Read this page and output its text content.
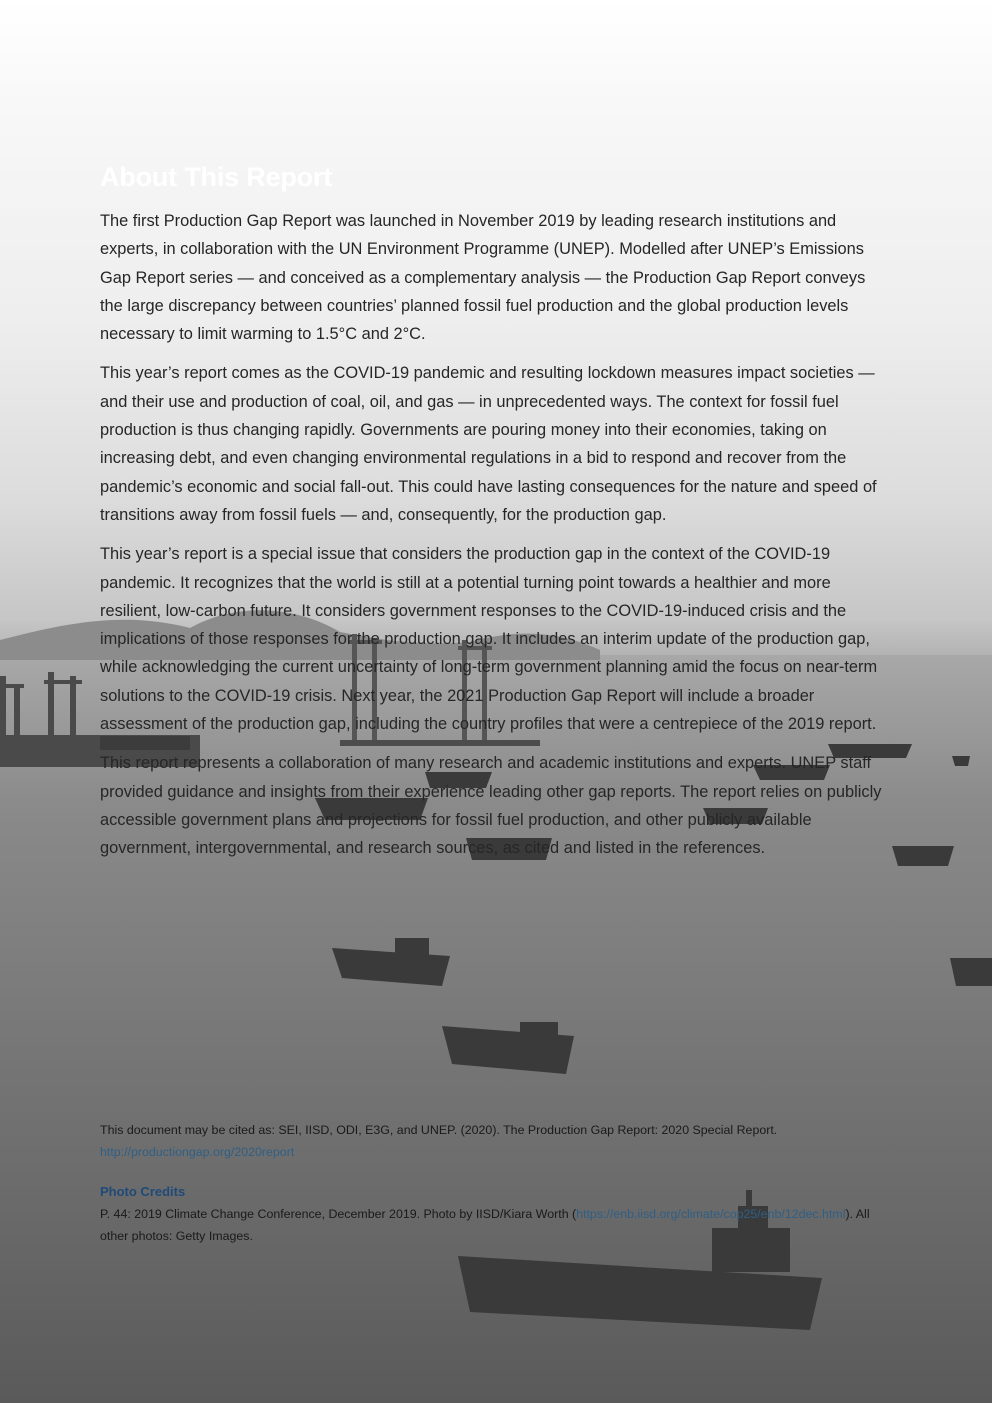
About This Report

The first Production Gap Report was launched in November 2019 by leading research institutions and experts, in collaboration with the UN Environment Programme (UNEP). Modelled after UNEP’s Emissions Gap Report series — and conceived as a complementary analysis — the Production Gap Report conveys the large discrepancy between countries’ planned fossil fuel production and the global production levels necessary to limit warming to 1.5°C and 2°C.

This year’s report comes as the COVID-19 pandemic and resulting lockdown measures impact societies — and their use and production of coal, oil, and gas — in unprecedented ways. The context for fossil fuel production is thus changing rapidly. Governments are pouring money into their economies, taking on increasing debt, and even changing environmental regulations in a bid to respond and recover from the pandemic’s economic and social fall-out. This could have lasting consequences for the nature and speed of transitions away from fossil fuels — and, consequently, for the production gap.

This year’s report is a special issue that considers the production gap in the context of the COVID-19 pandemic. It recognizes that the world is still at a potential turning point towards a healthier and more resilient, low-carbon future. It considers government responses to the COVID-19-induced crisis and the implications of those responses for the production gap. It includes an interim update of the production gap, while acknowledging the current uncertainty of long-term government planning amid the focus on near-term solutions to the COVID-19 crisis. Next year, the 2021 Production Gap Report will include a broader assessment of the production gap, including the country profiles that were a centrepiece of the 2019 report.

This report represents a collaboration of many research and academic institutions and experts. UNEP staff provided guidance and insights from their experience leading other gap reports. The report relies on publicly accessible government plans and projections for fossil fuel production, and other publicly available government, intergovernmental, and research sources, as cited and listed in the references.

This document may be cited as: SEI, IISD, ODI, E3G, and UNEP. (2020). The Production Gap Report: 2020 Special Report.
http://productiongap.org/2020report

Photo Credits

P. 44: 2019 Climate Change Conference, December 2019. Photo by IISD/Kiara Worth (https://enb.iisd.org/climate/cop25/enb/12dec.html). All other photos: Getty Images.
